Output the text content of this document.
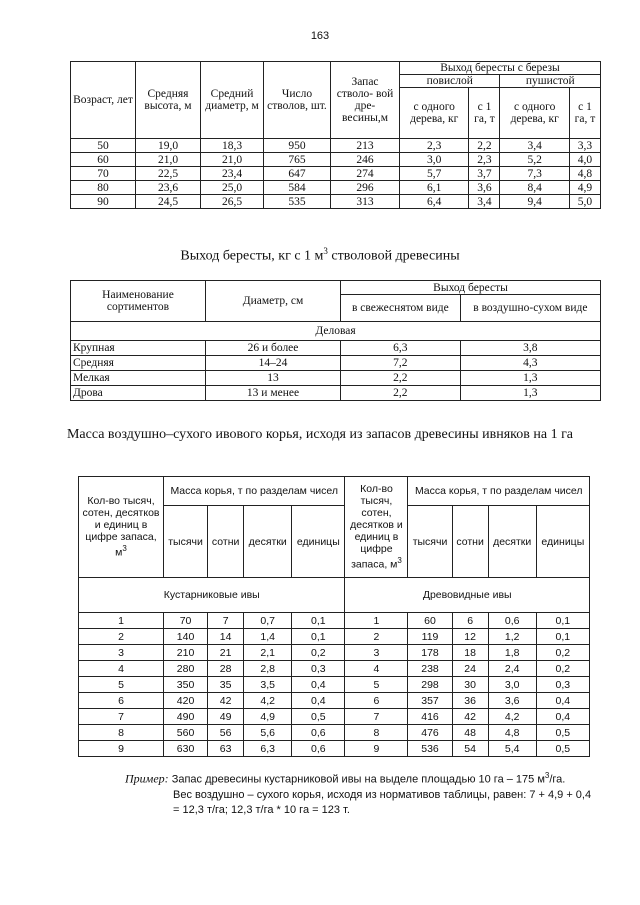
163
Возраст, лет	Средняя высота, м	Средний диаметр, м	Число стволов, шт.	Запас стволо- вой дре- весины,м	Выход бересты с березы			
					повислой		пушистой	
					с одного дерева, кг	с 1 га, т	с одного дерева, кг	с 1 га, т
50	19,0	18,3	950	213	2,3	2,2	3,4	3,3
60	21,0	21,0	765	246	3,0	2,3	5,2	4,0
70	22,5	23,4	647	274	5,7	3,7	7,3	4,8
80	23,6	25,0	584	296	6,1	3,6	8,4	4,9
90	24,5	26,5	535	313	6,4	3,4	9,4	5,0
Выход бересты, кг с 1 $м^3$ стволовой древесины
Наименование сортиментов	Диаметр, см	Выход бересты	
		в свежеснятом виде	в воздушно-сухом виде
Деловая			
Крупная	26 и более	6,3	3,8
Средняя	14–24	7,2	4,3
Мелкая	13	2,2	1,3
Дрова	13 и менее	2,2	1,3
Масса воздушно–сухого ивового корья, исходя из запасов древесины ивняков на 1 га
Кол-во тысяч, сотен, десятков и единиц в цифре запаса, $м^3$	Масса корья, т по разделам чисел				Кол-во тысяч, сотен, десятков и единиц в цифре запаса, $м^3$	Масса корья, т по разделам чисел			
	тысячи	сотни	десятки	единицы		тысячи	сотни	десятки	единицы
Кустарниковые ивы					Древовидные ивы				
1	70	7	0,7	0,1	1	60	6	0,6	0,1
2	140	14	1,4	0,1	2	119	12	1,2	0,1
3	210	21	2,1	0,2	3	178	18	1,8	0,2
4	280	28	2,8	0,3	4	238	24	2,4	0,2
5	350	35	3,5	0,4	5	298	30	3,0	0,3
6	420	42	4,2	0,4	6	357	36	3,6	0,4
7	490	49	4,9	0,5	7	416	42	4,2	0,4
8	560	56	5,6	0,6	8	476	48	4,8	0,5
9	630	63	6,3	0,6	9	536	54	5,4	0,5
Пример: Запас древесины кустарниковой ивы на выделе площадью 10 га – 175 $м^3/га$.
Вес воздушно – сухого корья, исходя из нормативов таблицы, равен: 7 + 4,9 + 0,4 = 12,3 т/га; 12,3 т/га * 10 га = 123 т.
